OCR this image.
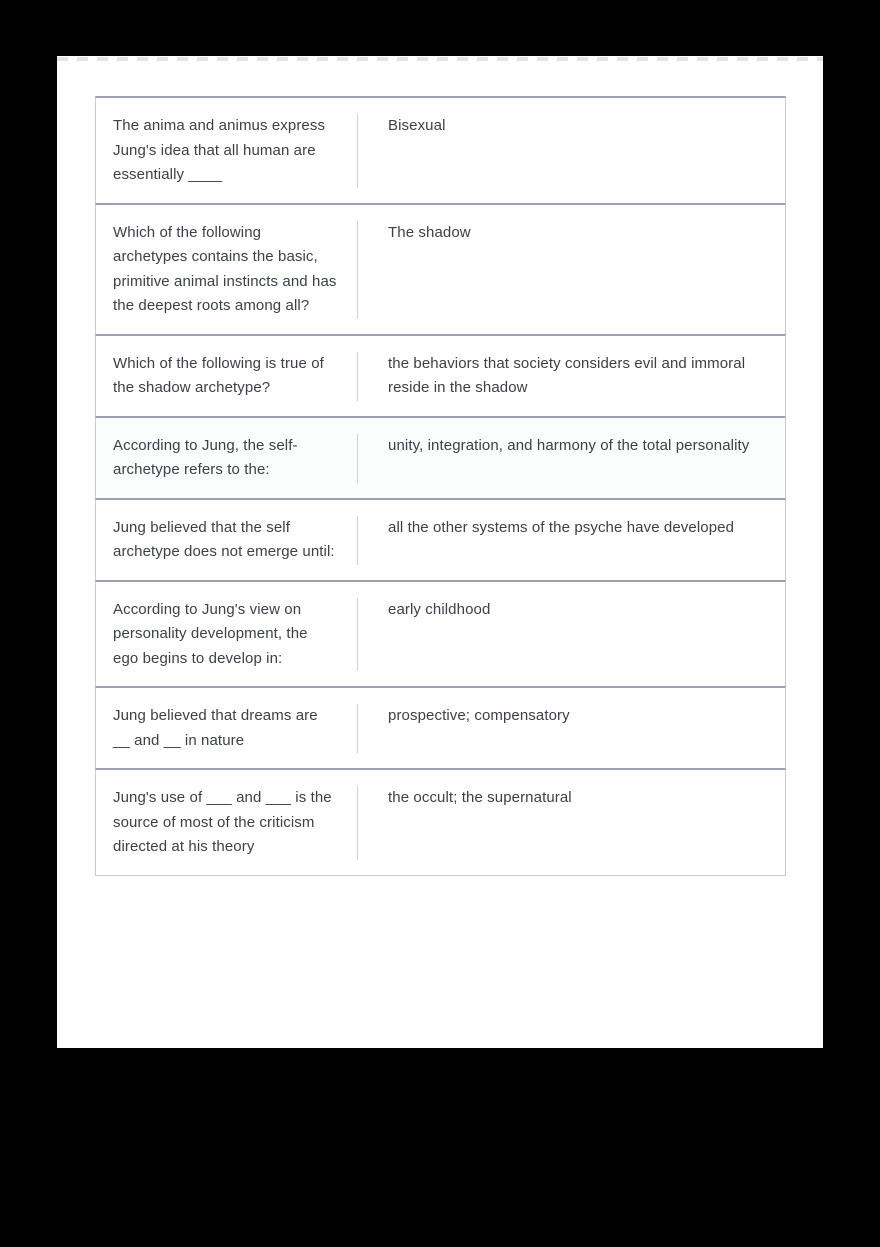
The anima and animus express Jung's idea that all human are essentially ____
Bisexual
Which of the following archetypes contains the basic, primitive animal instincts and has the deepest roots among all?
The shadow
Which of the following is true of the shadow archetype?
the behaviors that society considers evil and immoral reside in the shadow
According to Jung, the self-archetype refers to the:
unity, integration, and harmony of the total personality
Jung believed that the self archetype does not emerge until:
all the other systems of the psyche have developed
According to Jung's view on personality development, the ego begins to develop in:
early childhood
Jung believed that dreams are __ and __ in nature
prospective; compensatory
Jung's use of ___ and ___ is the source of most of the criticism directed at his theory
the occult; the supernatural
